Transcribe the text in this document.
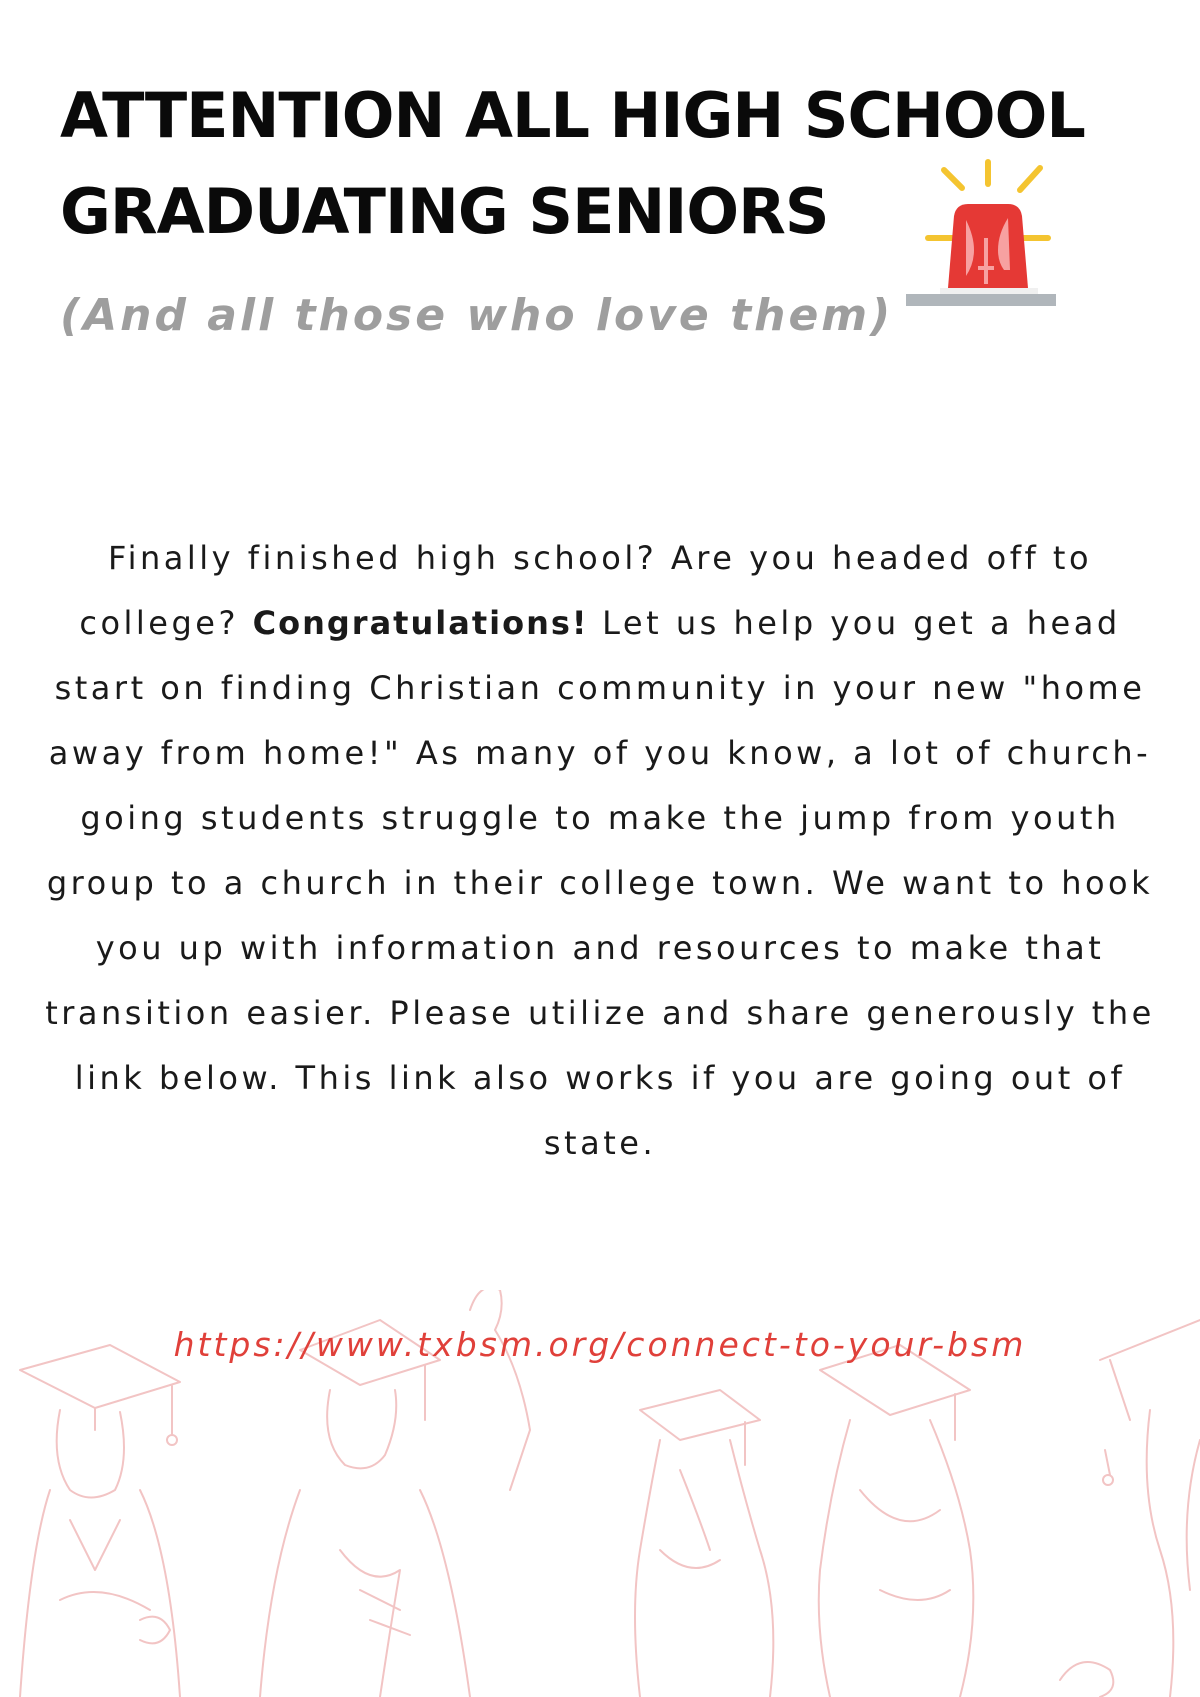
ATTENTION ALL HIGH SCHOOL
GRADUATING SENIORS

(And all those who love them)

Finally finished high school? Are you headed off to college? Congratulations! Let us help you get a head start on finding Christian community in your new "home away from home!" As many of you know, a lot of church-going students struggle to make the jump from youth group to a church in their college town. We want to hook you up with information and resources to make that transition easier. Please utilize and share generously the link below. This link also works if you are going out of state.

https://www.txbsm.org/connect-to-your-bsm
